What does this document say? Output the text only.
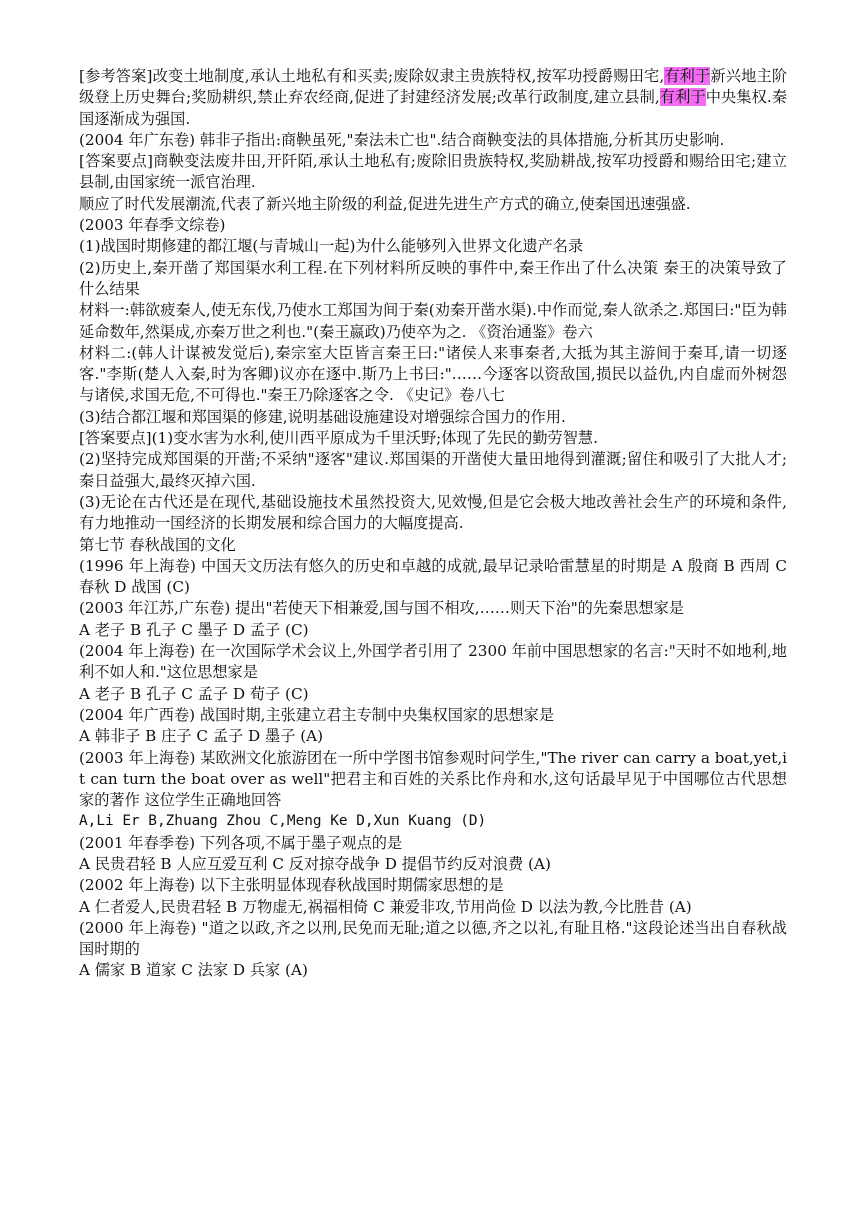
[参考答案]改变土地制度,承认土地私有和买卖;废除奴隶主贵族特权,按军功授爵赐田宅,有利于新兴地主阶级登上历史舞台;奖励耕织,禁止弃农经商,促进了封建经济发展;改革行政制度,建立县制,有利于中央集权.秦国逐渐成为强国.

(2004 年广东卷) 韩非子指出:商鞅虽死,"秦法未亡也".结合商鞅变法的具体措施,分析其历史影响.

[答案要点]商鞅变法废井田,开阡陌,承认土地私有;废除旧贵族特权,奖励耕战,按军功授爵和赐给田宅;建立县制,由国家统一派官治理.

顺应了时代发展潮流,代表了新兴地主阶级的利益,促进先进生产方式的确立,使秦国迅速强盛.

(2003 年春季文综卷)

(1)战国时期修建的都江堰(与青城山一起)为什么能够列入世界文化遗产名录

(2)历史上,秦开凿了郑国渠水利工程.在下列材料所反映的事件中,秦王作出了什么决策 秦王的决策导致了什么结果

材料一:韩欲疲秦人,使无东伐,乃使水工郑国为间于秦(劝秦开凿水渠).中作而觉,秦人欲杀之.郑国曰:"臣为韩延命数年,然渠成,亦秦万世之利也."(秦王嬴政)乃使卒为之. 《资治通鉴》卷六

材料二:(韩人计谋被发觉后),秦宗室大臣皆言秦王曰:"诸侯人来事秦者,大抵为其主游间于秦耳,请一切逐客."李斯(楚人入秦,时为客卿)议亦在逐中.斯乃上书曰:"……今逐客以资敌国,损民以益仇,内自虚而外树怨与诸侯,求国无危,不可得也."秦王乃除逐客之令. 《史记》卷八七

(3)结合都江堰和郑国渠的修建,说明基础设施建设对增强综合国力的作用.

[答案要点](1)变水害为水利,使川西平原成为千里沃野;体现了先民的勤劳智慧.

(2)坚持完成郑国渠的开凿;不采纳"逐客"建议.郑国渠的开凿使大量田地得到灌溉;留住和吸引了大批人才;秦日益强大,最终灭掉六国.

(3)无论在古代还是在现代,基础设施技术虽然投资大,见效慢,但是它会极大地改善社会生产的环境和条件,有力地推动一国经济的长期发展和综合国力的大幅度提高.

第七节 春秋战国的文化

(1996 年上海卷) 中国天文历法有悠久的历史和卓越的成就,最早记录哈雷慧星的时期是 A 殷商 B 西周 C 春秋 D 战国 (C)

(2003 年江苏,广东卷) 提出"若使天下相兼爱,国与国不相攻,……则天下治"的先秦思想家是

A 老子 B 孔子 C 墨子 D 孟子 (C)

(2004 年上海卷) 在一次国际学术会议上,外国学者引用了 2300 年前中国思想家的名言:"天时不如地利,地利不如人和."这位思想家是

A 老子 B 孔子 C 孟子 D 荀子 (C)

(2004 年广西卷) 战国时期,主张建立君主专制中央集权国家的思想家是

A 韩非子 B 庄子 C 孟子 D 墨子 (A)

(2003 年上海卷) 某欧洲文化旅游团在一所中学图书馆参观时问学生,"The river can carry a boat,yet,it can turn the boat over as well"把君主和百姓的关系比作舟和水,这句话最早见于中国哪位古代思想家的著作 这位学生正确地回答

A,Li Er B,Zhuang Zhou C,Meng Ke D,Xun Kuang (D)

(2001 年春季卷) 下列各项,不属于墨子观点的是

A 民贵君轻 B 人应互爱互利 C 反对掠夺战争 D 提倡节约反对浪费 (A)

(2002 年上海卷) 以下主张明显体现春秋战国时期儒家思想的是

A 仁者爱人,民贵君轻 B 万物虚无,祸福相倚 C 兼爱非攻,节用尚俭 D 以法为教,今比胜昔 (A)

(2000 年上海卷) "道之以政,齐之以刑,民免而无耻;道之以德,齐之以礼,有耻且格."这段论述当出自春秋战国时期的

A 儒家 B 道家 C 法家 D 兵家 (A)
